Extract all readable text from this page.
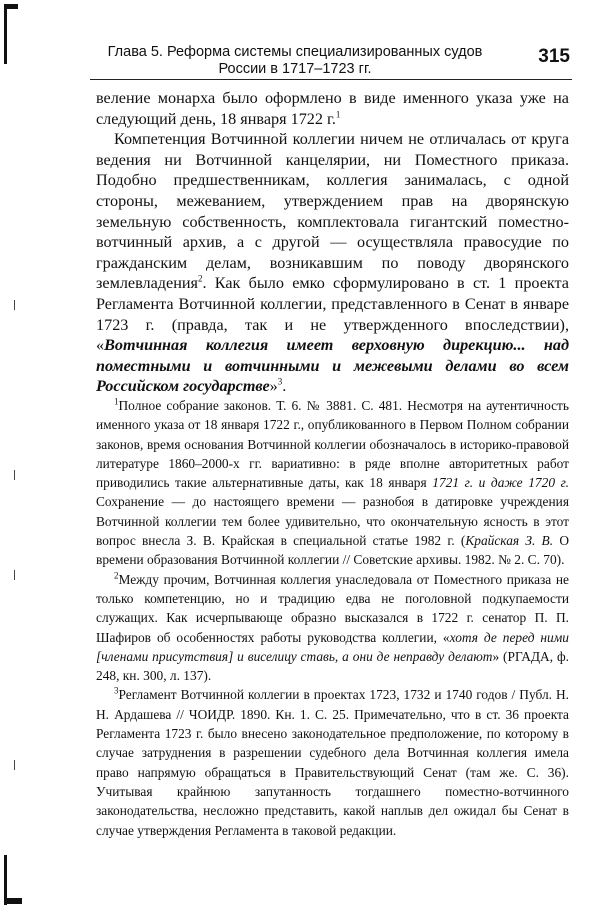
Глава 5. Реформа системы специализированных судов
России в 1717–1723 гг.
315

веление монарха было оформлено в виде именного указа уже на следующий день, 18 января 1722 г.$^1$

Компетенция Вотчинной коллегии ничем не отличалась от круга ведения ни Вотчинной канцелярии, ни Поместного приказа. Подобно предшественникам, коллегия занималась, с одной стороны, межеванием, утверждением прав на дворянскую земельную собственность, комплектовала гигантский поместно-вотчинный архив, а с другой — осуществляла правосудие по гражданским делам, возникавшим по поводу дворянского землевладения$^2$. Как было емко сформулировано в ст. 1 проекта Регламента Вотчинной коллегии, представленного в Сенат в январе 1723 г. (правда, так и не утвержденного впоследствии), «Вотчинная коллегия имеет верховную дирекцию... над поместными и вотчинными и межевыми делами во всем Российском государстве»$^3$.

$^1$Полное собрание законов. Т. 6. № 3881. С. 481. Несмотря на аутентичность именного указа от 18 января 1722 г., опубликованного в Первом Полном собрании законов, время основания Вотчинной коллегии обозначалось в историко-правовой литературе 1860–2000-х гг. вариативно: в ряде вполне авторитетных работ приводились такие альтернативные даты, как 18 января 1721 г. и даже 1720 г. Сохранение — до настоящего времени — разнобоя в датировке учреждения Вотчинной коллегии тем более удивительно, что окончательную ясность в этот вопрос внесла З. В. Крайская в специальной статье 1982 г. (Крайская З. В. О времени образования Вотчинной коллегии // Советские архивы. 1982. № 2. С. 70).

$^2$Между прочим, Вотчинная коллегия унаследовала от Поместного приказа не только компетенцию, но и традицию едва не поголовной подкупаемости служащих. Как исчерпывающе образно высказался в 1722 г. сенатор П. П. Шафиров об особенностях работы руководства коллегии, «хотя де перед ними [членами присутствия] и виселицу ставь, а они де неправду делают» (РГАДА, ф. 248, кн. 300, л. 137).

$^3$Регламент Вотчинной коллегии в проектах 1723, 1732 и 1740 годов / Публ. Н. Н. Ардашева // ЧОИДР. 1890. Кн. 1. С. 25. Примечательно, что в ст. 36 проекта Регламента 1723 г. было внесено законодательное предположение, по которому в случае затруднения в разрешении судебного дела Вотчинная коллегия имела право напрямую обращаться в Правительствующий Сенат (там же. С. 36). Учитывая крайнюю запутанность тогдашнего поместно-вотчинного законодательства, несложно представить, какой наплыв дел ожидал бы Сенат в случае утверждения Регламента в таковой редакции.
